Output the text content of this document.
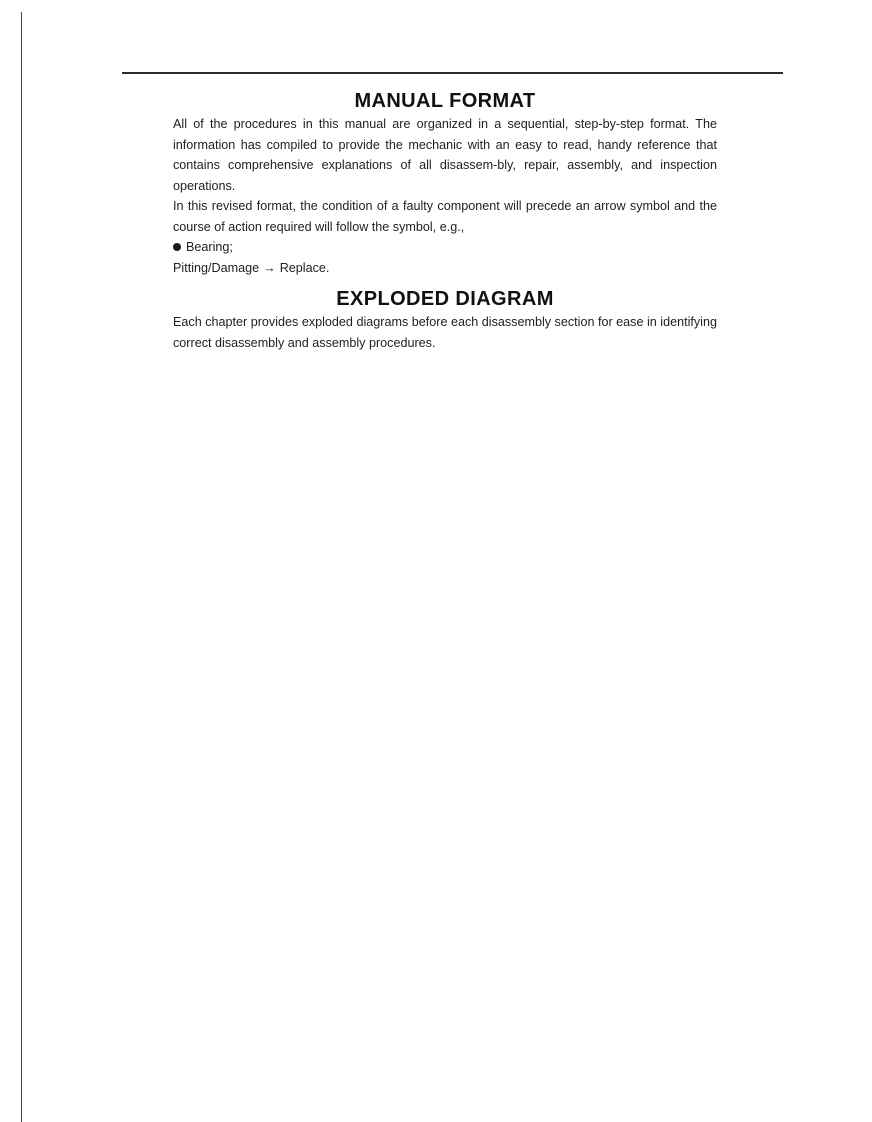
MANUAL FORMAT

All of the procedures in this manual are organized in a sequential, step-by-step format. The information has compiled to provide the mechanic with an easy to read, handy reference that contains comprehensive explanations of all disassem-bly, repair, assembly, and inspection operations.

In this revised format, the condition of a faulty component will precede an arrow symbol and the course of action required will follow the symbol, e.g.,

Bearing;

Pitting/Damage → Replace.

EXPLODED DIAGRAM

Each chapter provides exploded diagrams before each disassembly section for ease in identifying correct disassembly and assembly procedures.
